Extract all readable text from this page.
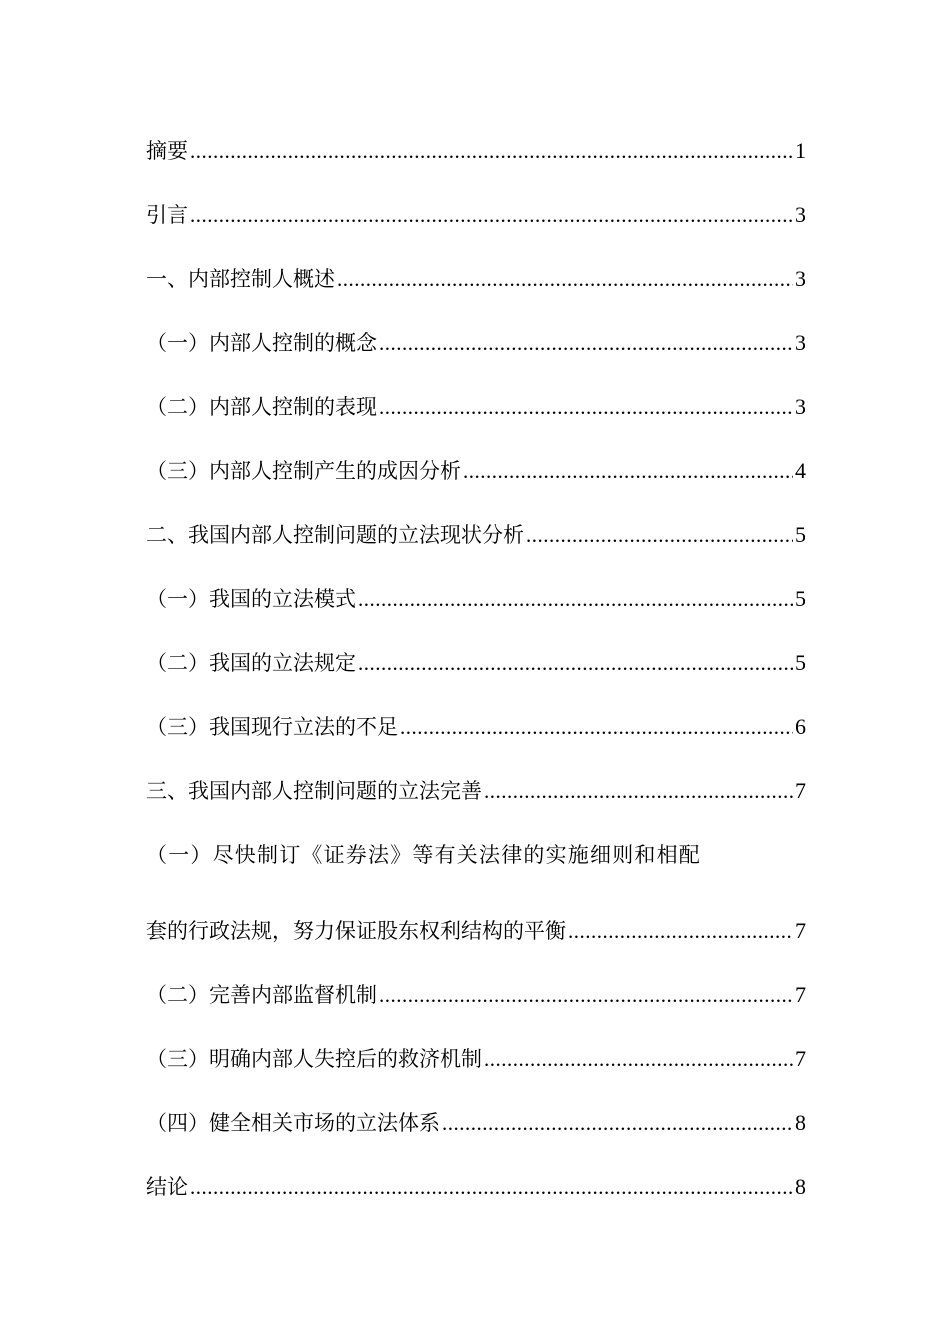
摘要 .....	1
引言 .....	3
一、内部控制人概述 .....	3
（一）内部人控制的概念 .....	3
（二）内部人控制的表现 .....	3
（三）内部人控制产生的成因分析 .....	4
二、我国内部人控制问题的立法现状分析 .....	5
（一）我国的立法模式 .....	5
（二）我国的立法规定 .....	5
（三）我国现行立法的不足 .....	6
三、我国内部人控制问题的立法完善 .....	7
（一）尽快制订《证券法》等有关法律的实施细则和相配
套的行政法规，努力保证股东权利结构的平衡 .....	7
（二）完善内部监督机制 .....	7
（三）明确内部人失控后的救济机制 .....	7
（四）健全相关市场的立法体系 .....	8
结论 .....	8
